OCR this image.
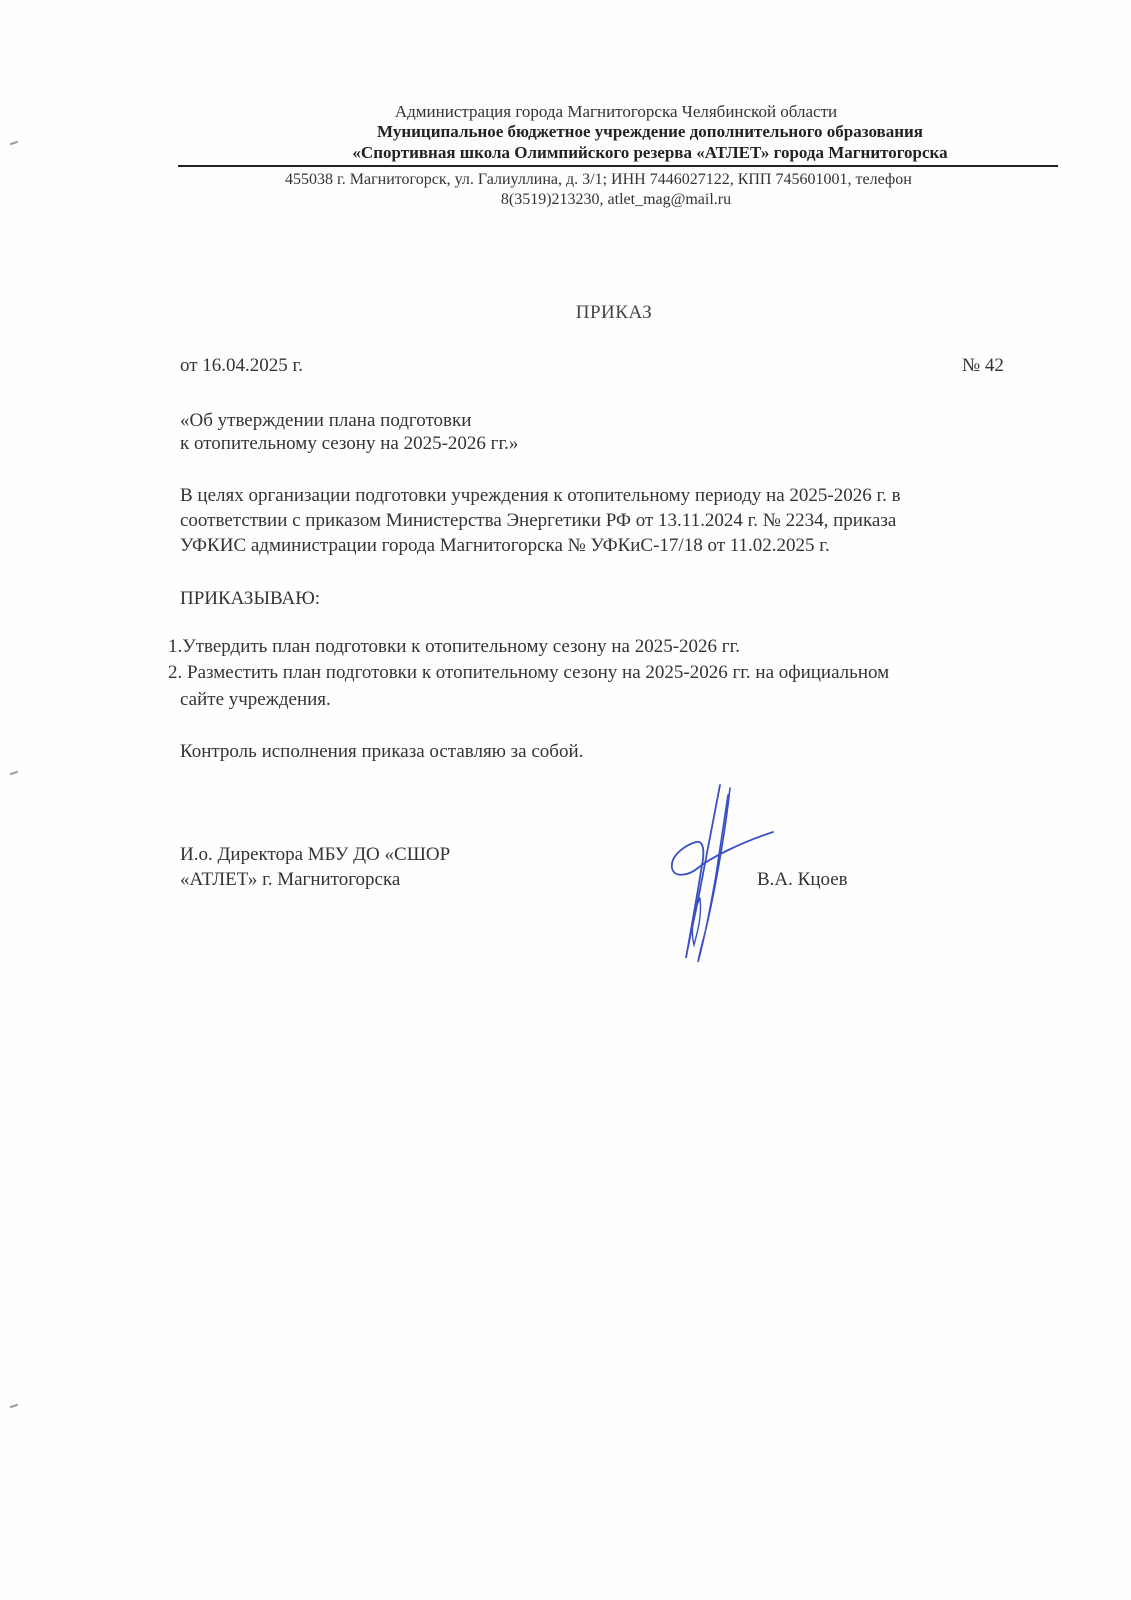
Администрация города Магнитогорска Челябинской области
Муниципальное бюджетное учреждение дополнительного образования
«Спортивная школа Олимпийского резерва «АТЛЕТ» города Магнитогорска
455038 г. Магнитогорск, ул. Галиуллина, д. 3/1; ИНН 7446027122, КПП 745601001, телефон
8(3519)213230, atlet_mag@mail.ru
ПРИКАЗ
от 16.04.2025 г.	№ 42
«Об утверждении плана подготовки
к отопительному сезону на 2025-2026 гг.»
В целях организации подготовки учреждения к отопительному периоду на 2025-2026 г. в
соответствии с приказом Министерства Энергетики РФ от 13.11.2024 г. № 2234, приказа
УФКИС администрации города Магнитогорска № УФКиС-17/18 от 11.02.2025 г.
ПРИКАЗЫВАЮ:
1.Утвердить план подготовки к отопительному сезону на 2025-2026 гг.
2. Разместить план подготовки к отопительному сезону на 2025-2026 гг. на официальном
сайте учреждения.
Контроль исполнения приказа оставляю за собой.
И.о. Директора МБУ ДО «СШОР
«АТЛЕТ» г. Магнитогорска	В.А. Кцоев
